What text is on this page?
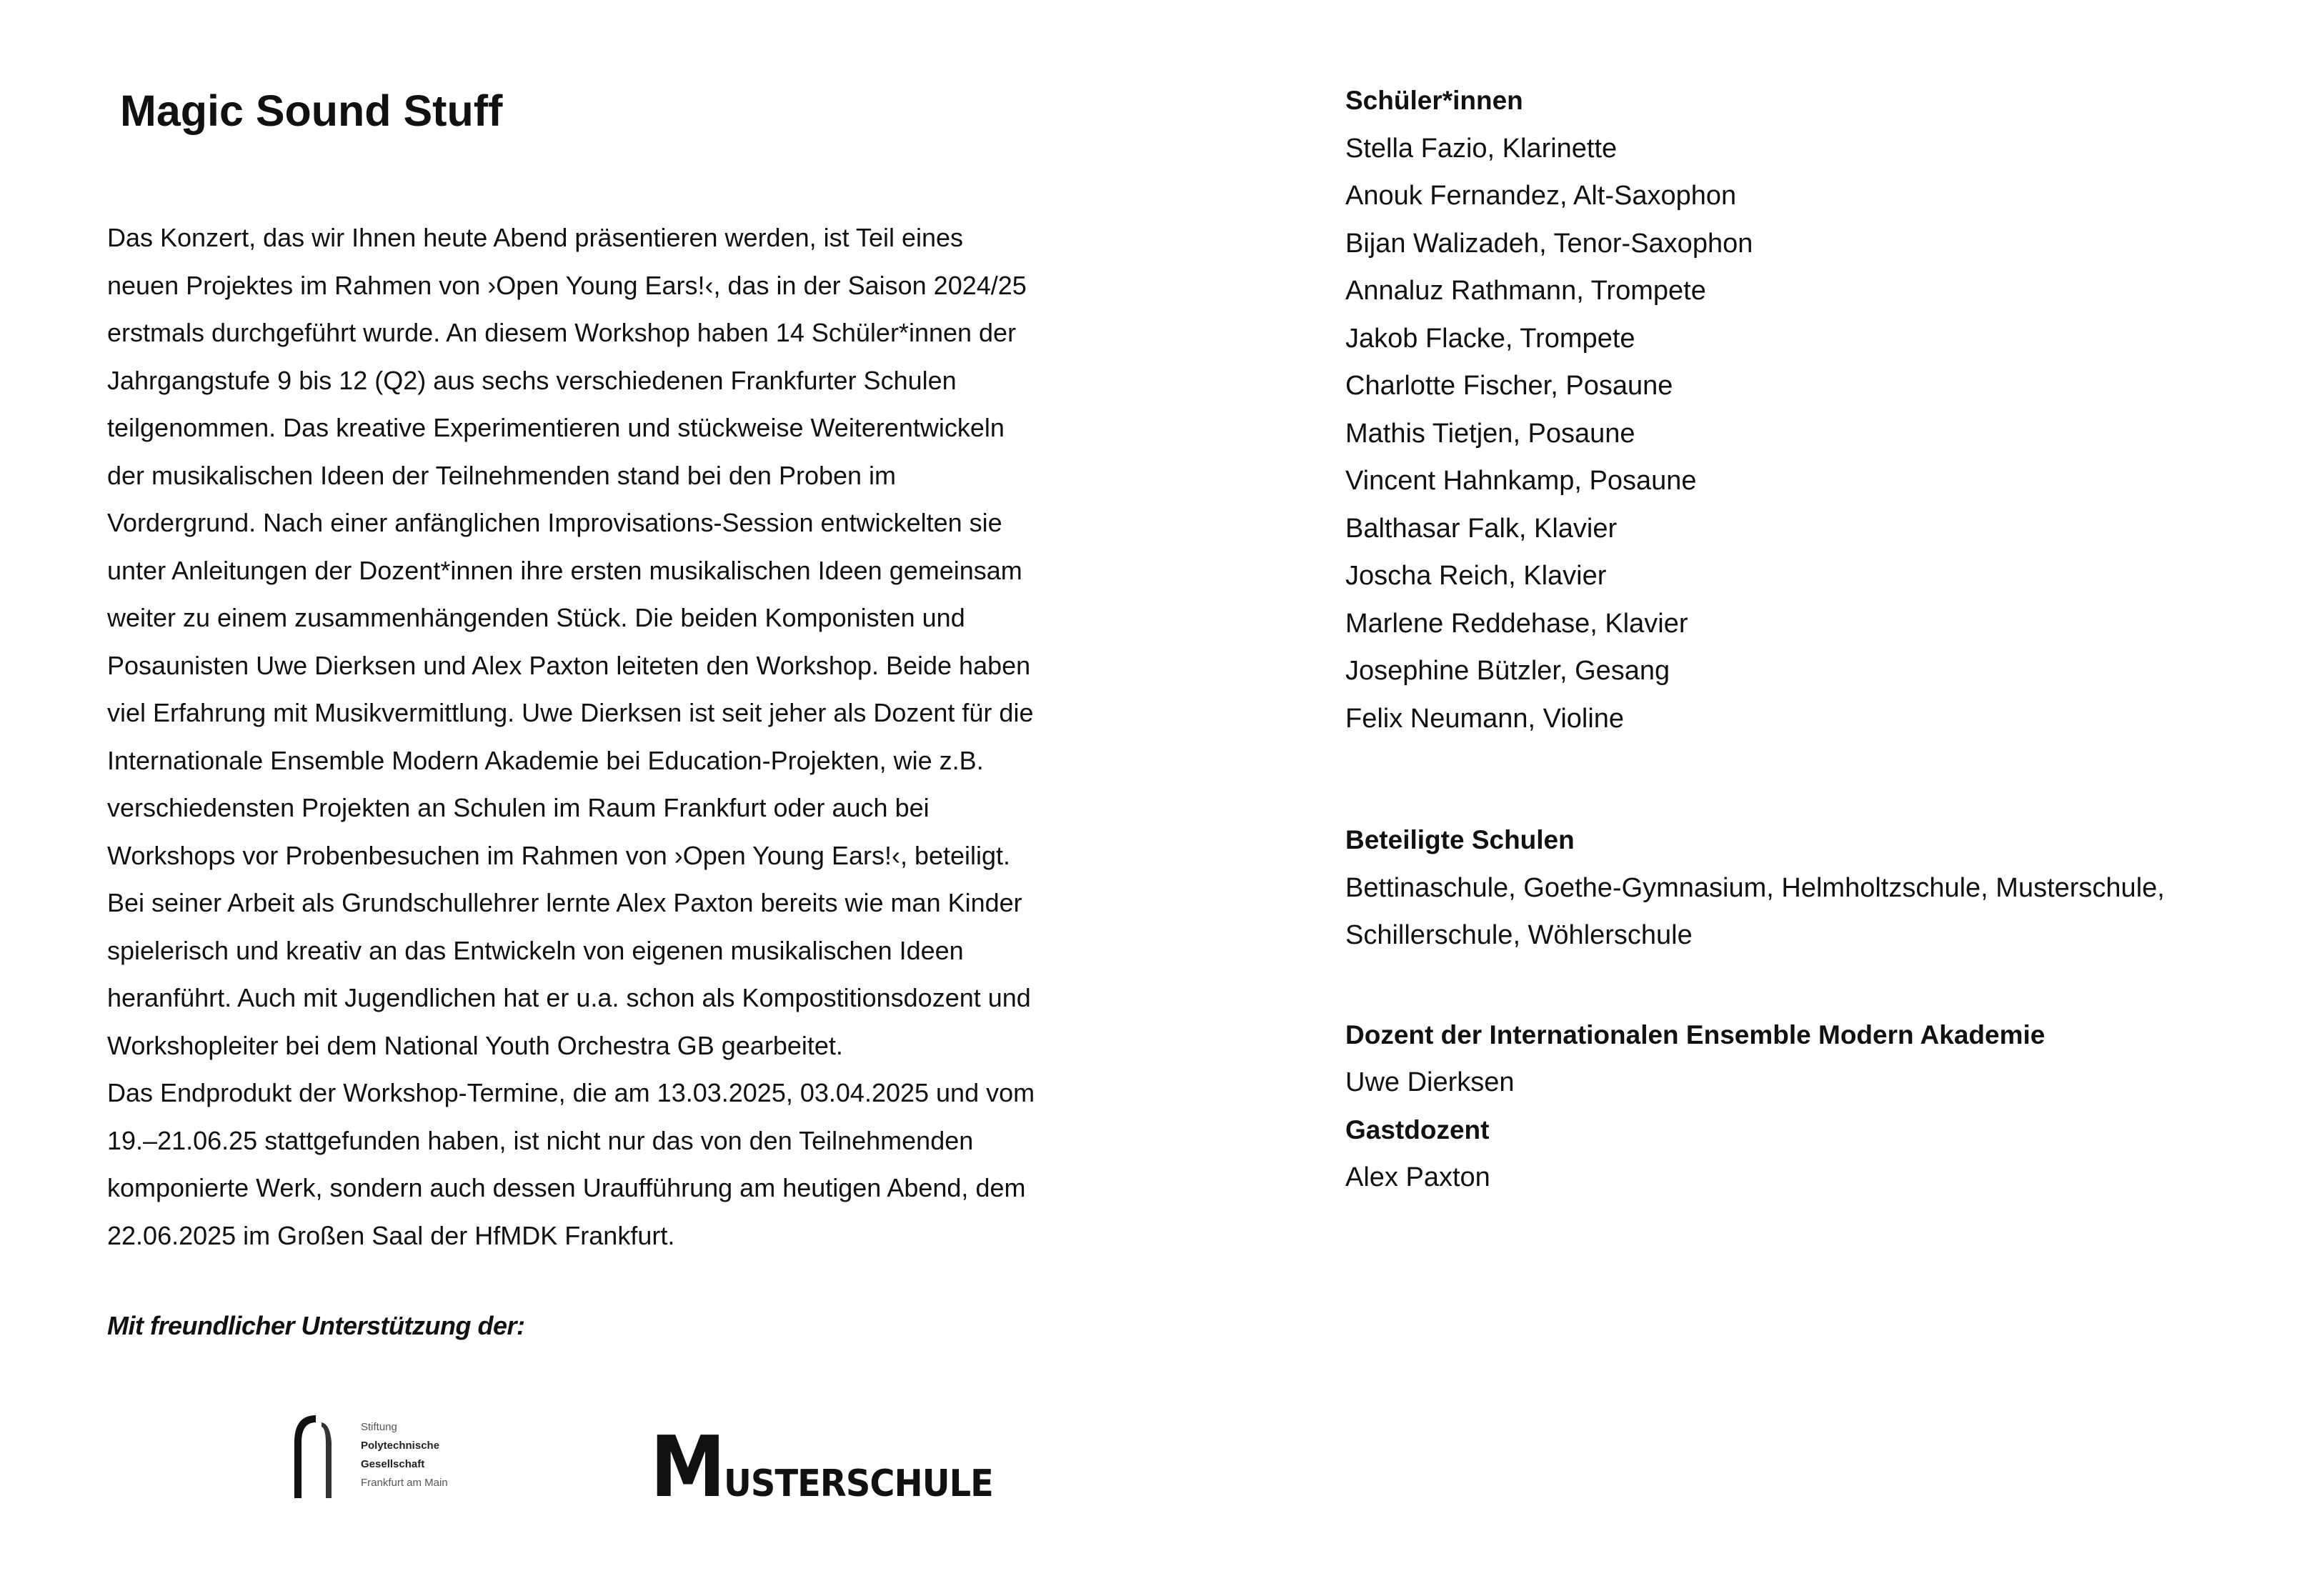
Magic Sound Stuff

Das Konzert, das wir Ihnen heute Abend präsentieren werden, ist Teil eines
neuen Projektes im Rahmen von ›Open Young Ears!‹, das in der Saison 2024/25
erstmals durchgeführt wurde. An diesem Workshop haben 14 Schüler*innen der
Jahrgangstufe 9 bis 12 (Q2) aus sechs verschiedenen Frankfurter Schulen
teilgenommen. Das kreative Experimentieren und stückweise Weiterentwickeln
der musikalischen Ideen der Teilnehmenden stand bei den Proben im
Vordergrund. Nach einer anfänglichen Improvisations-Session entwickelten sie
unter Anleitungen der Dozent*innen ihre ersten musikalischen Ideen gemeinsam
weiter zu einem zusammenhängenden Stück. Die beiden Komponisten und
Posaunisten Uwe Dierksen und Alex Paxton leiteten den Workshop. Beide haben
viel Erfahrung mit Musikvermittlung. Uwe Dierksen ist seit jeher als Dozent für die
Internationale Ensemble Modern Akademie bei Education-Projekten, wie z.B.
verschiedensten Projekten an Schulen im Raum Frankfurt oder auch bei
Workshops vor Probenbesuchen im Rahmen von ›Open Young Ears!‹, beteiligt.
Bei seiner Arbeit als Grundschullehrer lernte Alex Paxton bereits wie man Kinder
spielerisch und kreativ an das Entwickeln von eigenen musikalischen Ideen
heranführt. Auch mit Jugendlichen hat er u.a. schon als Kompostitionsdozent und
Workshopleiter bei dem National Youth Orchestra GB gearbeitet.
Das Endprodukt der Workshop-Termine, die am 13.03.2025, 03.04.2025 und vom
19.–21.06.25 stattgefunden haben, ist nicht nur das von den Teilnehmenden
komponierte Werk, sondern auch dessen Uraufführung am heutigen Abend, dem
22.06.2025 im Großen Saal der HfMDK Frankfurt.

Mit freundlicher Unterstützung der:
Stiftung
Polytechnische
Gesellschaft
Frankfurt am Main M
USTERSCHULE
Schüler*innen
Stella Fazio, Klarinette
Anouk Fernandez, Alt-Saxophon
Bijan Walizadeh, Tenor-Saxophon
Annaluz Rathmann, Trompete
Jakob Flacke, Trompete
Charlotte Fischer, Posaune
Mathis Tietjen, Posaune
Vincent Hahnkamp, Posaune
Balthasar Falk, Klavier
Joscha Reich, Klavier
Marlene Reddehase, Klavier
Josephine Bützler, Gesang
Felix Neumann, Violine
Beteiligte Schulen

Bettinaschule, Goethe-Gymnasium, Helmholtzschule, Musterschule,
Schillerschule, Wöhlerschule

Dozent der Internationalen Ensemble Modern Akademie

Uwe Dierksen

Gastdozent

Alex Paxton
